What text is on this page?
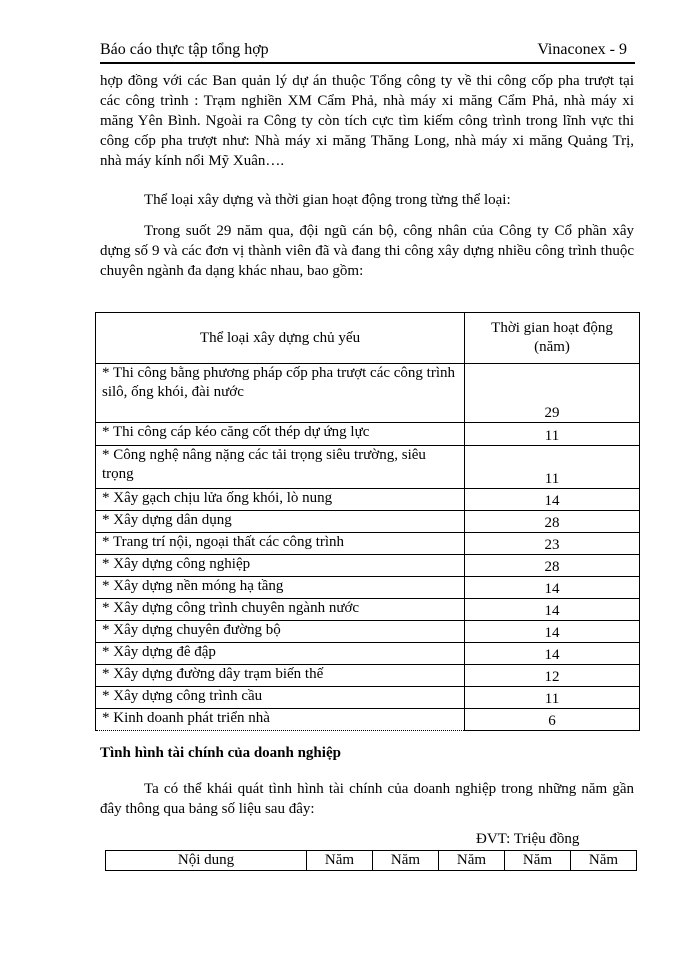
Báo cáo thực tập tổng hợp	Vinaconex - 9
hợp đồng với các Ban quản lý dự án thuộc Tổng công ty về thi công cốp pha trượt tại các công trình : Trạm nghiền XM Cẩm Phả, nhà máy xi măng Cẩm Phả, nhà máy xi măng Yên Bình. Ngoài ra Công ty còn tích cực tìm kiếm công trình trong lĩnh vực thi công cốp pha trượt như: Nhà máy xi măng Thăng Long, nhà máy xi măng Quảng Trị, nhà máy kính nổi Mỹ Xuân….
Thể loại xây dựng và thời gian hoạt động trong từng thể loại:
Trong suốt 29 năm qua, đội ngũ cán bộ, công nhân của Công ty Cổ phần xây dựng số 9 và các đơn vị thành viên đã và đang thi công xây dựng nhiều công trình thuộc chuyên ngành đa dạng khác nhau, bao gồm:
Thể loại xây dựng chủ yếu	Thời gian hoạt động (năm)
* Thi công bằng phương pháp cốp pha trượt các công trình silô, ống khói, đài nước	29
* Thi công cáp kéo căng cốt thép dự ứng lực	11
* Công nghệ nâng nặng các tải trọng siêu trường, siêu trọng	11
* Xây gạch chịu lửa ống khói, lò nung	14
* Xây dựng dân dụng	28
* Trang trí nội, ngoại thất các công trình	23
* Xây dựng công nghiệp	28
* Xây dựng nền móng hạ tầng	14
* Xây dựng công trình chuyên ngành nước	14
* Xây dựng chuyên đường bộ	14
* Xây dựng đê đập	14
* Xây dựng đường dây trạm biến thế	12
* Xây dựng công trình cầu	11
* Kinh doanh phát triển nhà	6
Tình hình tài chính của doanh nghiệp
Ta có thể khái quát tình hình tài chính của doanh nghiệp trong những năm gần đây thông qua bảng số liệu sau đây:
ĐVT: Triệu đồng
Nội dung	Năm	Năm	Năm	Năm	Năm
